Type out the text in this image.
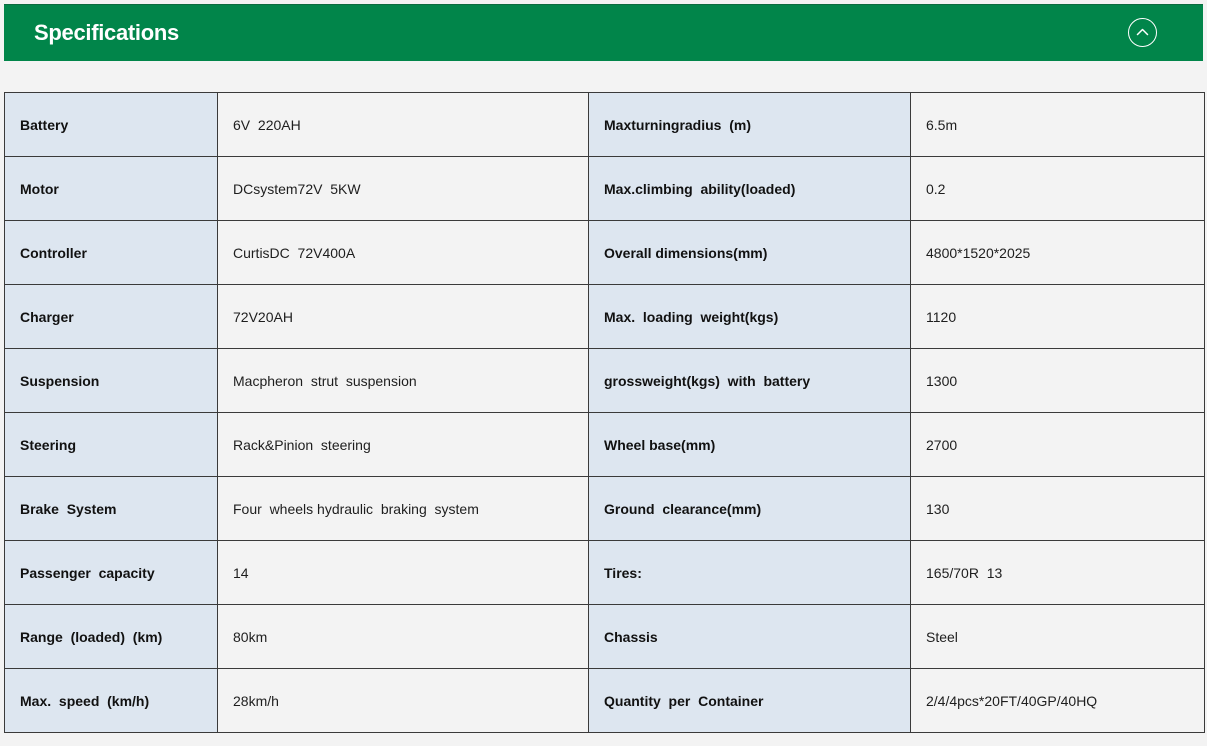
Specifications
Battery	6V  220AH	Maxturningradius  (m)	6.5m
Motor	DCsystem72V  5KW	Max.climbing  ability(loaded)	0.2
Controller	CurtisDC  72V400A	Overall dimensions(mm)	4800*1520*2025
Charger	72V20AH	Max.  loading  weight(kgs)	1120
Suspension	Macpheron  strut  suspension	grossweight(kgs)  with  battery	1300
Steering	Rack&Pinion  steering	Wheel base(mm)	2700
Brake  System	Four  wheels hydraulic  braking  system	Ground  clearance(mm)	130
Passenger  capacity	14	Tires:	165/70R  13
Range  (loaded)  (km)	80km	Chassis	Steel
Max.  speed  (km/h)	28km/h	Quantity  per  Container	2/4/4pcs*20FT/40GP/40HQ
